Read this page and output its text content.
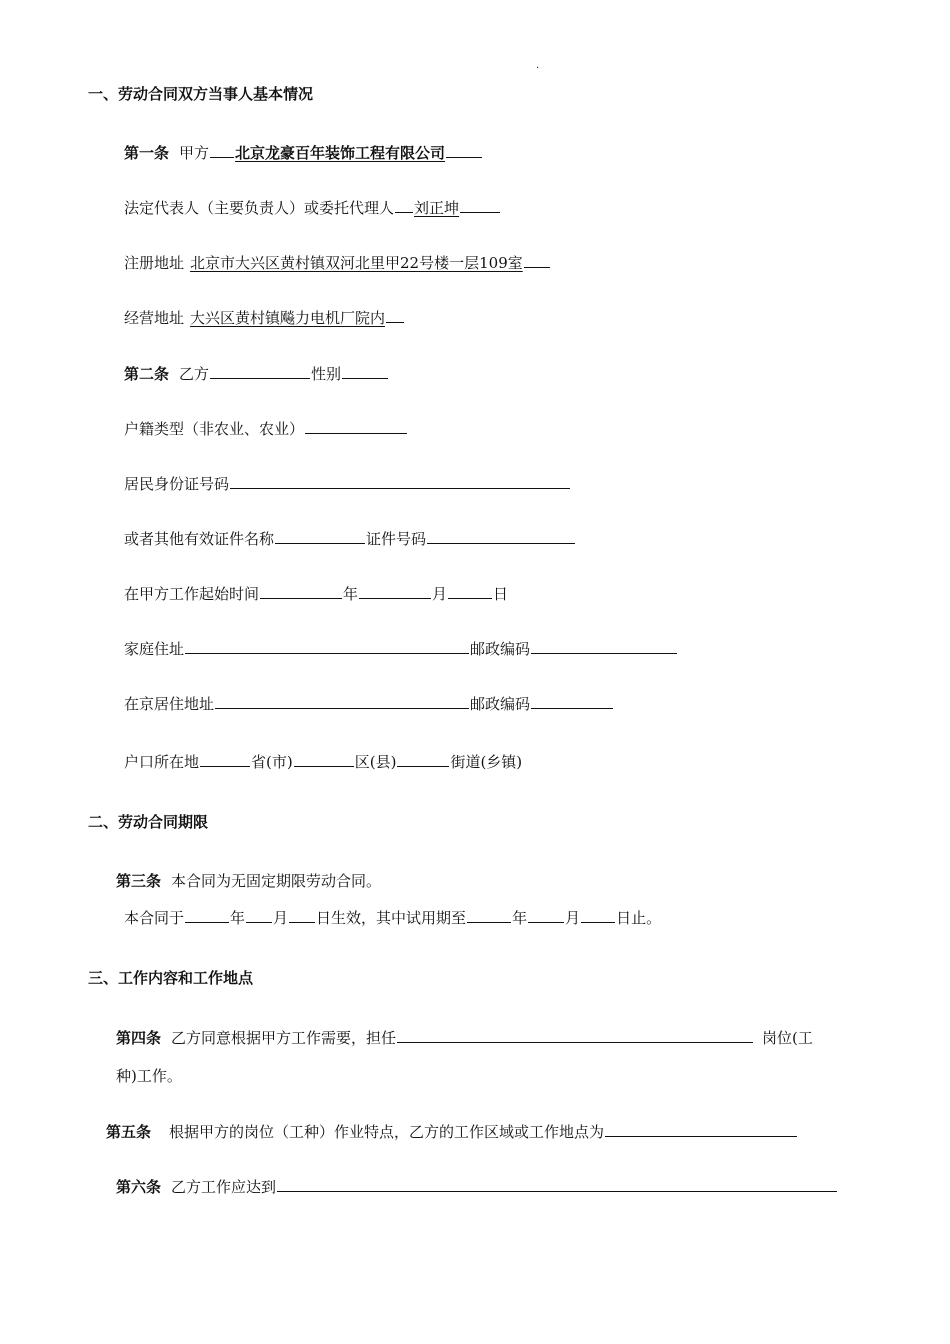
.
一、劳动合同双方当事人基本情况
第一条 甲方 北京龙豪百年装饰工程有限公司
法定代表人（主要负责人）或委托代理人 刘正坤
注册地址 北京市大兴区黄村镇双河北里甲22号楼一层109室
经营地址 大兴区黄村镇飚力电机厂院内
第二条 乙方	性别
户籍类型（非农业、农业）
居民身份证号码
或者其他有效证件名称	证件号码
在甲方工作起始时间	年	月	日
家庭住址	邮政编码
在京居住地址	邮政编码
户口所在地	省(市)	区(县)	街道(乡镇)
二、劳动合同期限
第三条 本合同为无固定期限劳动合同。
本合同于	年 月 日生效，其中试用期至	年	月 日止。
三、工作内容和工作地点
第四条 乙方同意根据甲方工作需要，担任	岗位(工
种)工作。
第五条 根据甲方的岗位（工种）作业特点，乙方的工作区域或工作地点为
第六条 乙方工作应达到
